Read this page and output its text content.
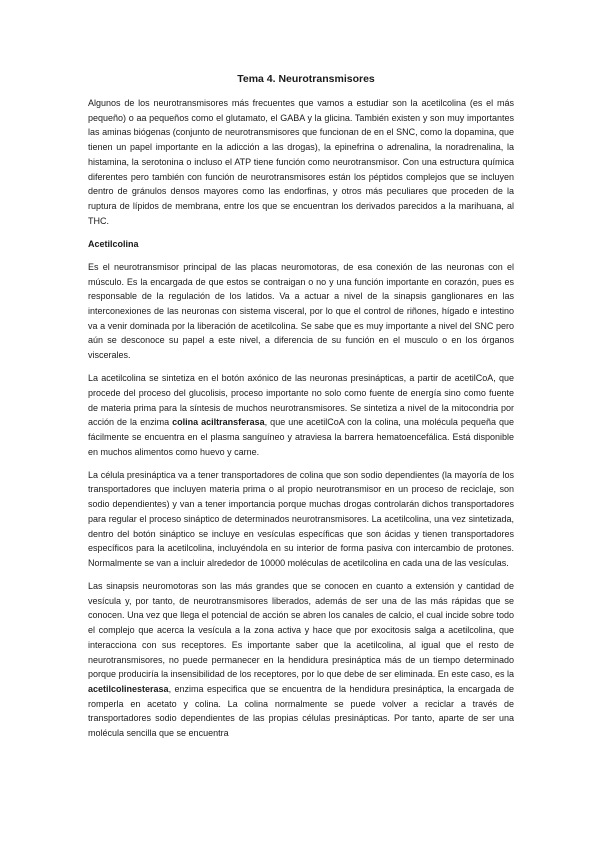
Tema 4. Neurotransmisores

Algunos de los neurotransmisores más frecuentes que vamos a estudiar son la acetilcolina (es el más pequeño) o aa pequeños como el glutamato, el GABA y la glicina. También existen y son muy importantes las aminas biógenas (conjunto de neurotransmisores que funcionan de en el SNC, como la dopamina, que tienen un papel importante en la adicción a las drogas), la epinefrina o adrenalina, la noradrenalina, la histamina, la serotonina o incluso el ATP tiene función como neurotransmisor. Con una estructura química diferentes pero también con función de neurotransmisores están los péptidos complejos que se incluyen dentro de gránulos densos mayores como las endorfinas, y otros más peculiares que proceden de la ruptura de lípidos de membrana, entre los que se encuentran los derivados parecidos a la marihuana, al THC.

Acetilcolina

Es el neurotransmisor principal de las placas neuromotoras, de esa conexión de las neuronas con el músculo. Es la encargada de que estos se contraigan o no y una función importante en corazón, pues es responsable de la regulación de los latidos. Va a actuar a nivel de la sinapsis ganglionares en las interconexiones de las neuronas con sistema visceral, por lo que el control de riñones, hígado e intestino va a venir dominada por la liberación de acetilcolina. Se sabe que es muy importante a nivel del SNC pero aún se desconoce su papel a este nivel, a diferencia de su función en el musculo o en los órganos viscerales.

La acetilcolina se sintetiza en el botón axónico de las neuronas presinápticas, a partir de acetilCoA, que procede del proceso del glucolisis, proceso importante no solo como fuente de energía sino como fuente de materia prima para la síntesis de muchos neurotransmisores. Se sintetiza a nivel de la mitocondria por acción de la enzima colina aciltransferasa, que une acetilCoA con la colina, una molécula pequeña que fácilmente se encuentra en el plasma sanguíneo y atraviesa la barrera hematoencefálica. Está disponible en muchos alimentos como huevo y carne.

La célula presináptica va a tener transportadores de colina que son sodio dependientes (la mayoría de los transportadores que incluyen materia prima o al propio neurotransmisor en un proceso de reciclaje, son sodio dependientes) y van a tener importancia porque muchas drogas controlarán dichos transportadores para regular el proceso sináptico de determinados neurotransmisores. La acetilcolina, una vez sintetizada, dentro del botón sináptico se incluye en vesículas específicas que son ácidas y tienen transportadores específicos para la acetilcolina, incluyéndola en su interior de forma pasiva con intercambio de protones. Normalmente se van a incluir alrededor de 10000 moléculas de acetilcolina en cada una de las vesículas.

Las sinapsis neuromotoras son las más grandes que se conocen en cuanto a extensión y cantidad de vesícula y, por tanto, de neurotransmisores liberados, además de ser una de las más rápidas que se conocen. Una vez que llega el potencial de acción se abren los canales de calcio, el cual incide sobre todo el complejo que acerca la vesícula a la zona activa y hace que por exocitosis salga a acetilcolina, que interacciona con sus receptores. Es importante saber que la acetilcolina, al igual que el resto de neurotransmisores, no puede permanecer en la hendidura presináptica más de un tiempo determinado porque produciría la insensibilidad de los receptores, por lo que debe de ser eliminada. En este caso, es la acetilcolinesterasa, enzima especifica que se encuentra de la hendidura presináptica, la encargada de romperla en acetato y colina. La colina normalmente se puede volver a reciclar a través de transportadores sodio dependientes de las propias células presinápticas. Por tanto, aparte de ser una molécula sencilla que se encuentra
